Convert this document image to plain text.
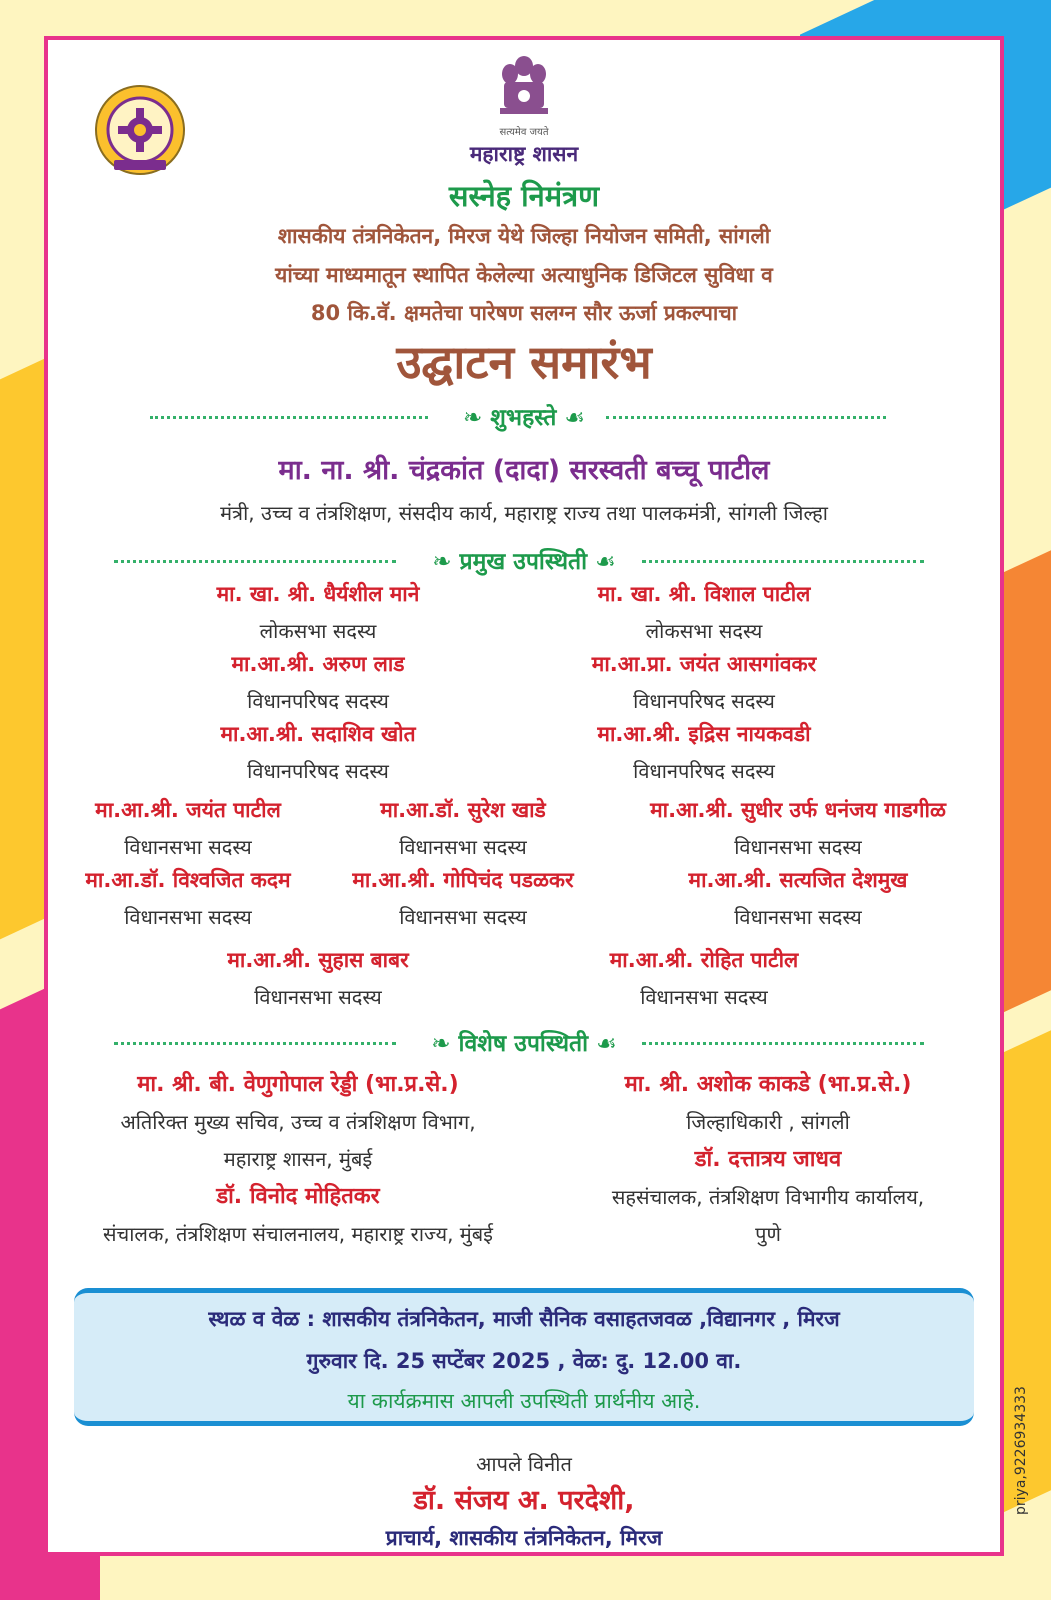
priya,9226934333
सत्यमेव जयते
महाराष्ट्र शासन
सस्नेह निमंत्रण
शासकीय तंत्रनिकेतन, मिरज येथे जिल्हा नियोजन समिती, सांगली
यांच्या माध्यमातून स्थापित केलेल्या अत्याधुनिक डिजिटल सुविधा व
80 कि.वॅ. क्षमतेचा पारेषण सलग्न सौर ऊर्जा प्रकल्पाचा
उद्घाटन समारंभ
❧ शुभहस्ते ☙
मा. ना. श्री. चंद्रकांत (दादा) सरस्वती बच्चू पाटील
मंत्री, उच्च व तंत्रशिक्षण, संसदीय कार्य, महाराष्ट्र राज्य तथा पालकमंत्री, सांगली जिल्हा
❧ प्रमुख उपस्थिती ☙
मा. खा. श्री. धैर्यशील माने
लोकसभा सदस्य
मा. खा. श्री. विशाल पाटील
लोकसभा सदस्य
मा.आ.श्री. अरुण लाड
विधानपरिषद सदस्य
मा.आ.प्रा. जयंत आसगांवकर
विधानपरिषद सदस्य
मा.आ.श्री. सदाशिव खोत
विधानपरिषद सदस्य
मा.आ.श्री. इद्रिस नायकवडी
विधानपरिषद सदस्य
मा.आ.श्री. जयंत पाटील
विधानसभा सदस्य
मा.आ.डॉ. सुरेश खाडे
विधानसभा सदस्य
मा.आ.श्री. सुधीर उर्फ धनंजय गाडगीळ
विधानसभा सदस्य
मा.आ.डॉ. विश्वजित कदम
विधानसभा सदस्य
मा.आ.श्री. गोपिचंद पडळकर
विधानसभा सदस्य
मा.आ.श्री. सत्यजित देशमुख
विधानसभा सदस्य
मा.आ.श्री. सुहास बाबर
विधानसभा सदस्य
मा.आ.श्री. रोहित पाटील
विधानसभा सदस्य
❧ विशेष उपस्थिती ☙
मा. श्री. बी. वेणुगोपाल रेड्डी (भा.प्र.से.)
अतिरिक्त मुख्य सचिव, उच्च व तंत्रशिक्षण विभाग,
महाराष्ट्र शासन, मुंबई
डॉ. विनोद मोहितकर
संचालक, तंत्रशिक्षण संचालनालय, महाराष्ट्र राज्य, मुंबई
मा. श्री. अशोक काकडे (भा.प्र.से.)
जिल्हाधिकारी , सांगली
डॉ. दत्तात्रय जाधव
सहसंचालक, तंत्रशिक्षण विभागीय कार्यालय,
पुणे
स्थळ व वेळ : शासकीय तंत्रनिकेतन, माजी सैनिक वसाहतजवळ ,विद्यानगर , मिरज
गुरुवार दि. 25 सप्टेंबर 2025 , वेळ: दु. 12.00 वा.
या कार्यक्रमास आपली उपस्थिती प्रार्थनीय आहे.
आपले विनीत
डॉ. संजय अ. परदेशी,
प्राचार्य, शासकीय तंत्रनिकेतन, मिरज
